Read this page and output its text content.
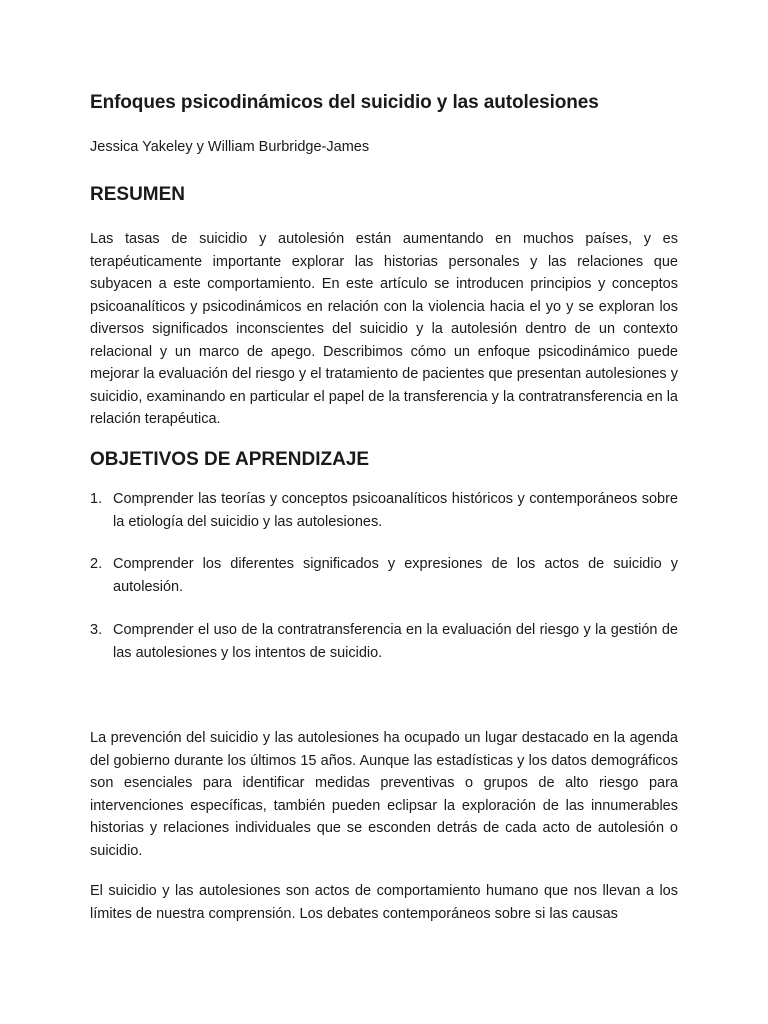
Enfoques psicodinámicos del suicidio y las autolesiones

Jessica Yakeley y William Burbridge-James

RESUMEN

Las tasas de suicidio y autolesión están aumentando en muchos países, y es terapéuticamente importante explorar las historias personales y las relaciones que subyacen a este comportamiento. En este artículo se introducen principios y conceptos psicoanalíticos y psicodinámicos en relación con la violencia hacia el yo y se exploran los diversos significados inconscientes del suicidio y la autolesión dentro de un contexto relacional y un marco de apego. Describimos cómo un enfoque psicodinámico puede mejorar la evaluación del riesgo y el tratamiento de pacientes que presentan autolesiones y suicidio, examinando en particular el papel de la transferencia y la contratransferencia en la relación terapéutica.

OBJETIVOS DE APRENDIZAJE
1. Comprender las teorías y conceptos psicoanalíticos históricos y contemporáneos sobre la etiología del suicidio y las autolesiones.
2. Comprender los diferentes significados y expresiones de los actos de suicidio y autolesión.
3. Comprender el uso de la contratransferencia en la evaluación del riesgo y la gestión de las autolesiones y los intentos de suicidio.

La prevención del suicidio y las autolesiones ha ocupado un lugar destacado en la agenda del gobierno durante los últimos 15 años. Aunque las estadísticas y los datos demográficos son esenciales para identificar medidas preventivas o grupos de alto riesgo para intervenciones específicas, también pueden eclipsar la exploración de las innumerables historias y relaciones individuales que se esconden detrás de cada acto de autolesión o suicidio.

El suicidio y las autolesiones son actos de comportamiento humano que nos llevan a los límites de nuestra comprensión. Los debates contemporáneos sobre si las causas
